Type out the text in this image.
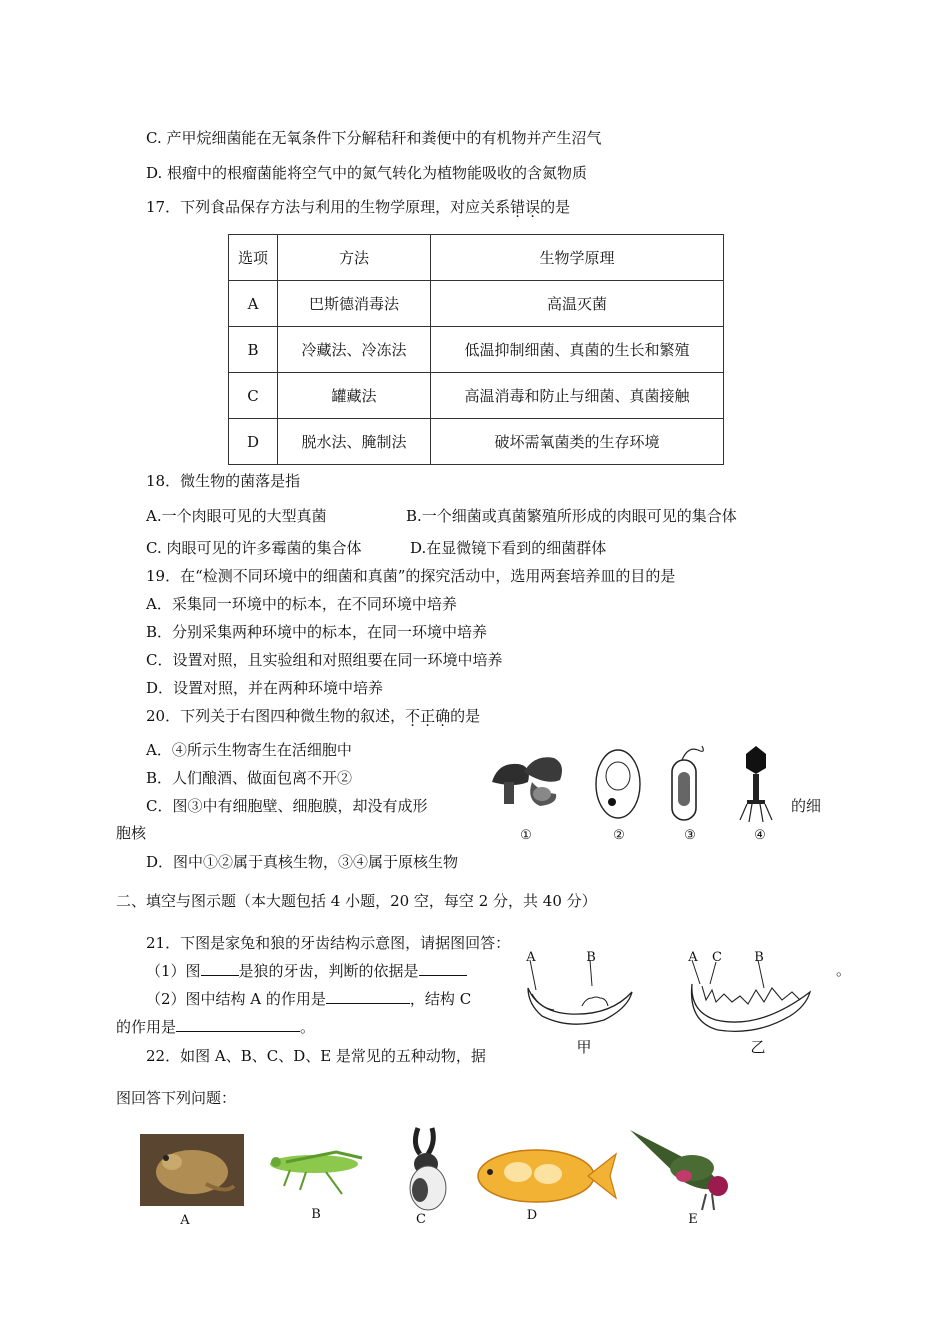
C. 产甲烷细菌能在无氧条件下分解秸秆和粪便中的有机物并产生沼气
D. 根瘤中的根瘤菌能将空气中的氮气转化为植物能吸收的含氮物质
17．下列食品保存方法与利用的生物学原理，对应关系错误的是
选项	方法	生物学原理
A	巴斯德消毒法	高温灭菌
B	冷藏法、冷冻法	低温抑制细菌、真菌的生长和繁殖
C	罐藏法	高温消毒和防止与细菌、真菌接触
D	脱水法、腌制法	破坏需氧菌类的生存环境
18．微生物的菌落是指
A.一个肉眼可见的大型真菌	B.一个细菌或真菌繁殖所形成的肉眼可见的集合体
C. 肉眼可见的许多霉菌的集合体	D.在显微镜下看到的细菌群体
19．在“检测不同环境中的细菌和真菌”的探究活动中，选用两套培养皿的目的是
A．采集同一环境中的标本，在不同环境中培养
B．分别采集两种环境中的标本，在同一环境中培养
C．设置对照，且实验组和对照组要在同一环境中培养
D．设置对照，并在两种环境中培养
20．下列关于右图四种微生物的叙述，不正确的是
A．④所示生物寄生在活细胞中
B．人们酿酒、做面包离不开②
C．图③中有细胞壁、细胞膜，却没有成形	的细
胞核
D．图中①②属于真核生物，③④属于原核生物
①	②	③	④
二、填空与图示题（本大题包括 4 小题，20 空，每空 2 分，共 40 分）
21．下图是家兔和狼的牙齿结构示意图，请据图回答：
（1）图	是狼的牙齿，判断的依据是	。
（2）图中结构 A 的作用是	，结构 C
的作用是	。
A	B	A C B
甲	乙
22．如图 A、B、C、D、E 是常见的五种动物，据
图回答下列问题：
A	B	C	D	E
